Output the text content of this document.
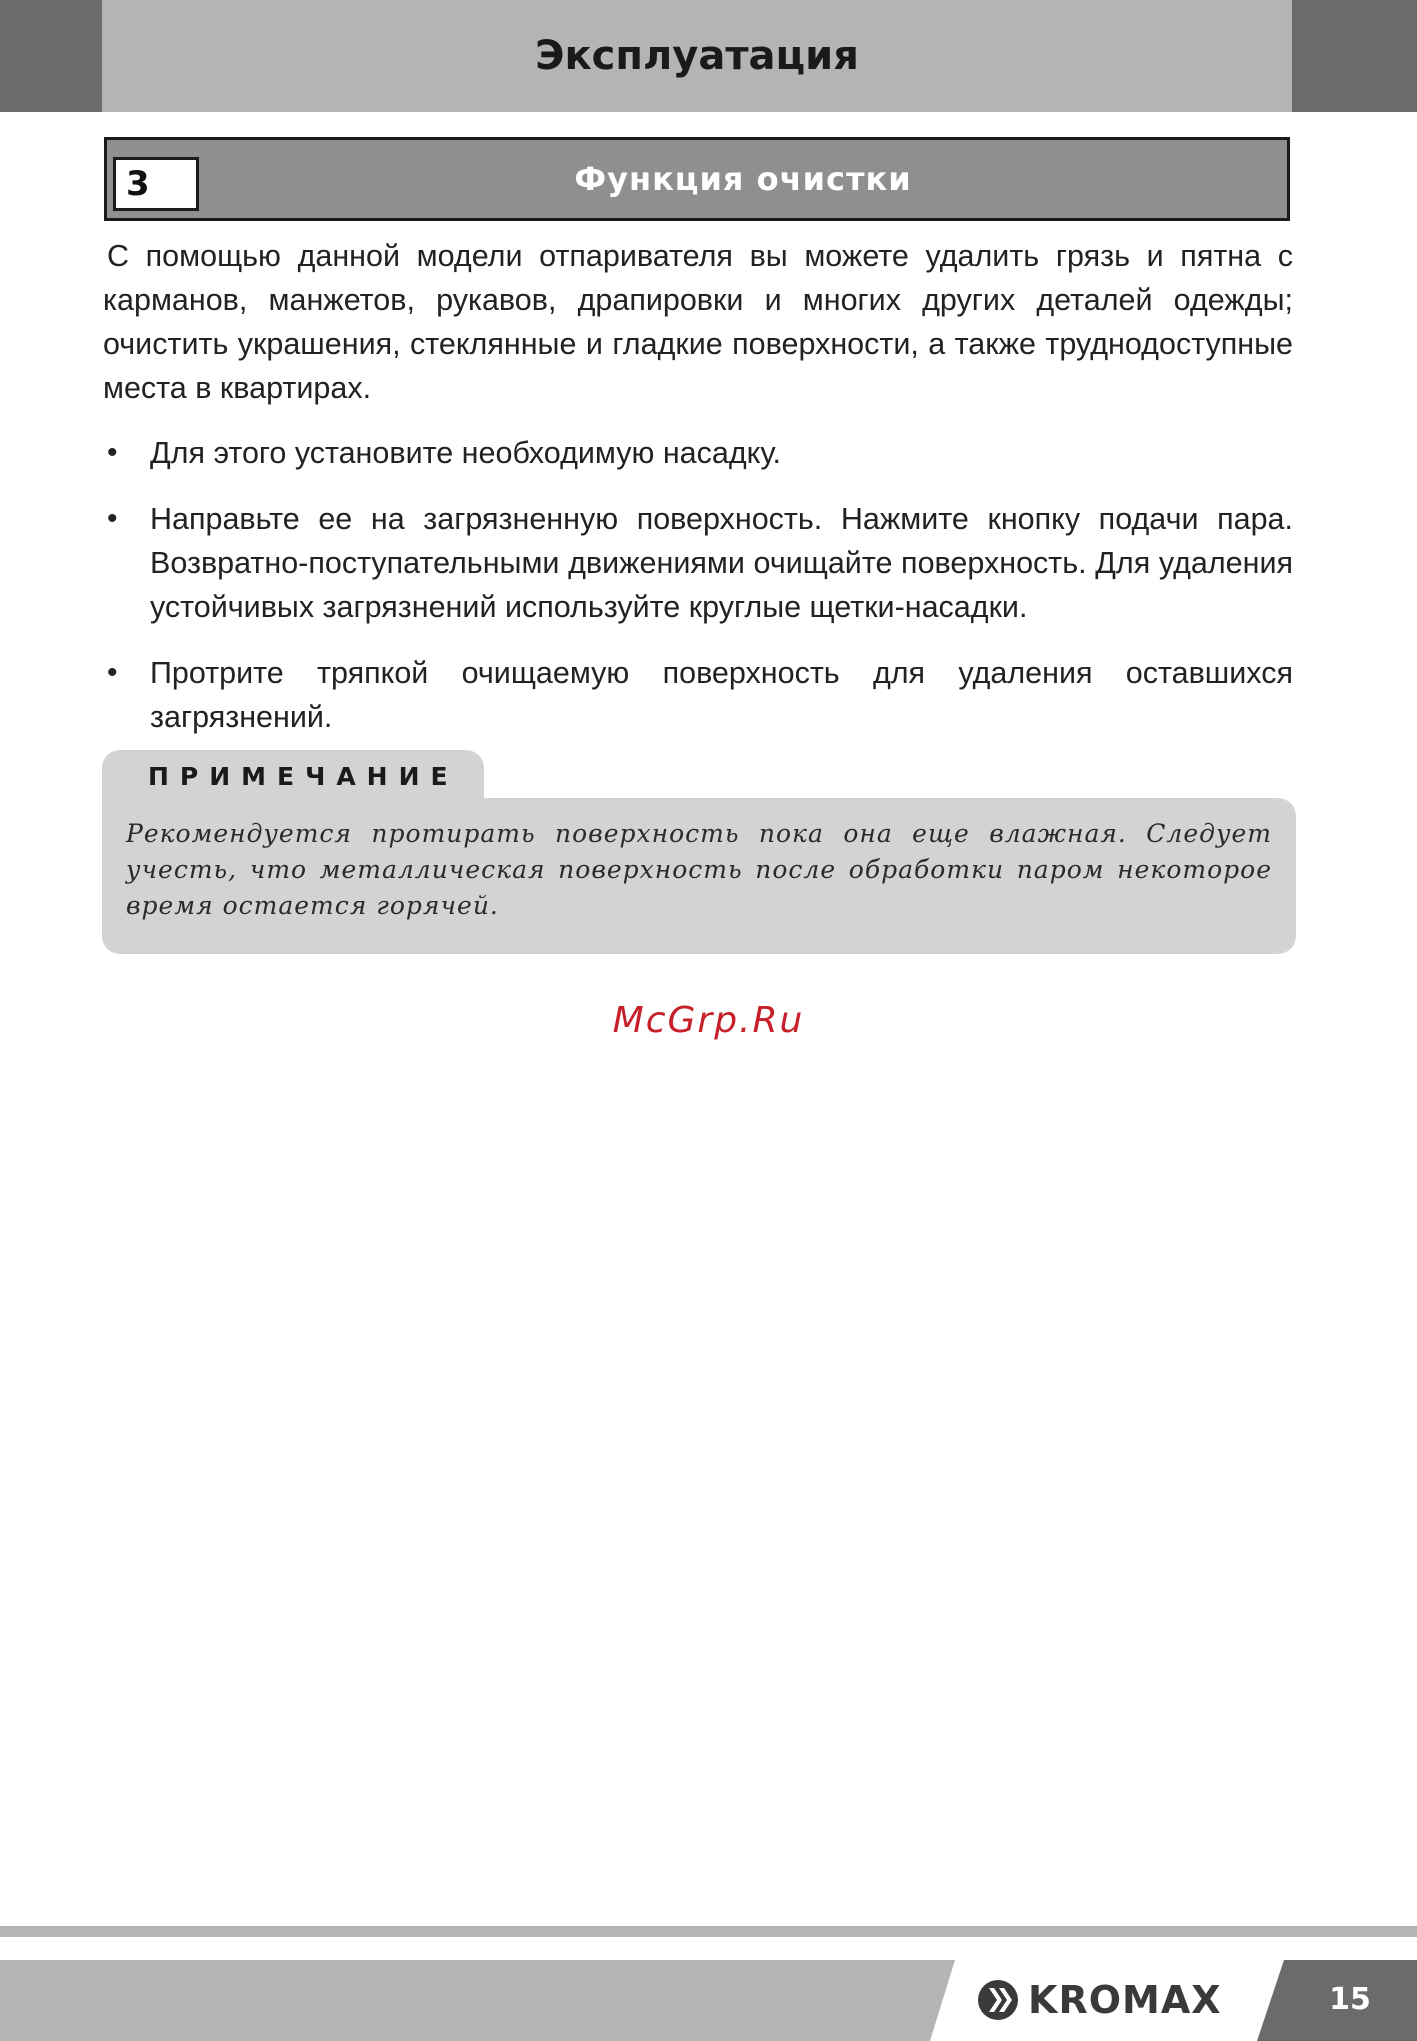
Эксплуатация
3	Функция очистки

С помощью данной модели отпаривателя вы можете удалить грязь и пятна с карманов, манжетов, рукавов, драпировки и многих других деталей одежды; очистить украшения, стеклянные и гладкие поверхности, а также труднодоступные места в квартирах.

• Для этого установите необходимую насадку.
• Направьте ее на загрязненную поверхность. Нажмите кнопку подачи пара. Возвратно-поступательными движениями очищайте поверхность. Для удаления устойчивых загрязнений используйте круглые щетки-насадки.
• Протрите тряпкой очищаемую поверхность для удаления оставшихся загрязнений.
ПРИМЕЧАНИЕ

Рекомендуется протирать поверхность пока она еще влажная. Следует учесть, что металлическая поверхность после обработки паром некоторое время остается горячей.

McGrp.Ru
KROMAX	15
